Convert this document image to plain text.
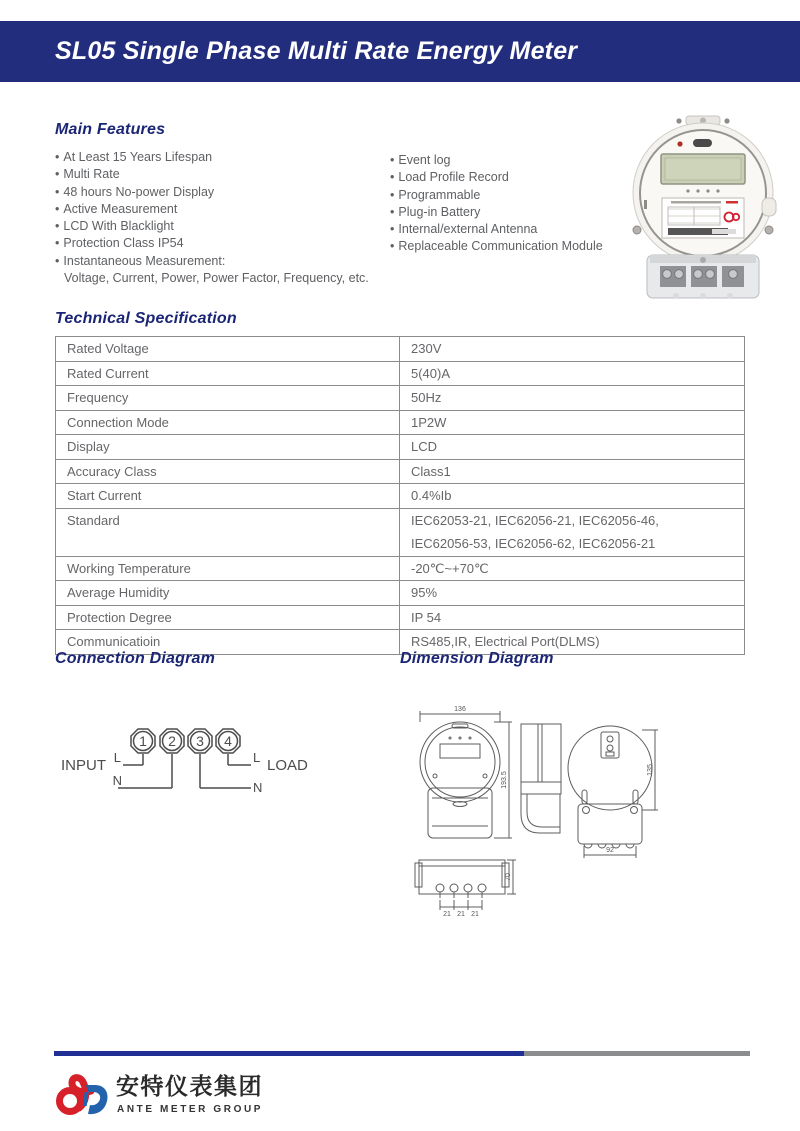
SL05 Single Phase Multi Rate Energy Meter
Main Features
• At Least 15 Years Lifespan
• Multi Rate
• 48 hours No-power Display
• Active Measurement
• LCD With Blacklight
• Protection Class IP54
• Instantaneous Measurement:
Voltage, Current, Power, Power Factor, Frequency, etc.
• Event log
• Load Profile Record
• Programmable
• Plug-in Battery
• Internal/external Antenna
• Replaceable Communication Module
Technical Specification
Rated Voltage	230V
Rated Current	5(40)A
Frequency	50Hz
Connection Mode	1P2W
Display	LCD
Accuracy Class	Class1
Start Current	0.4%Ib
Standard	IEC62053-21, IEC62056-21, IEC62056-46,
IEC62056-53, IEC62056-62, IEC62056-21
Working Temperature	-20℃~+70℃
Average Humidity	95%
Protection Degree	IP 54
Communicatioin	RS485,IR, Electrical Port(DLMS)
Connection Diagram	Dimension Diagram
1 2 3 4
INPUT L
N
L
N
LOAD
136
193.5
135
92
70
21 21 21
安特仪表集团
ANTE METER GROUP
